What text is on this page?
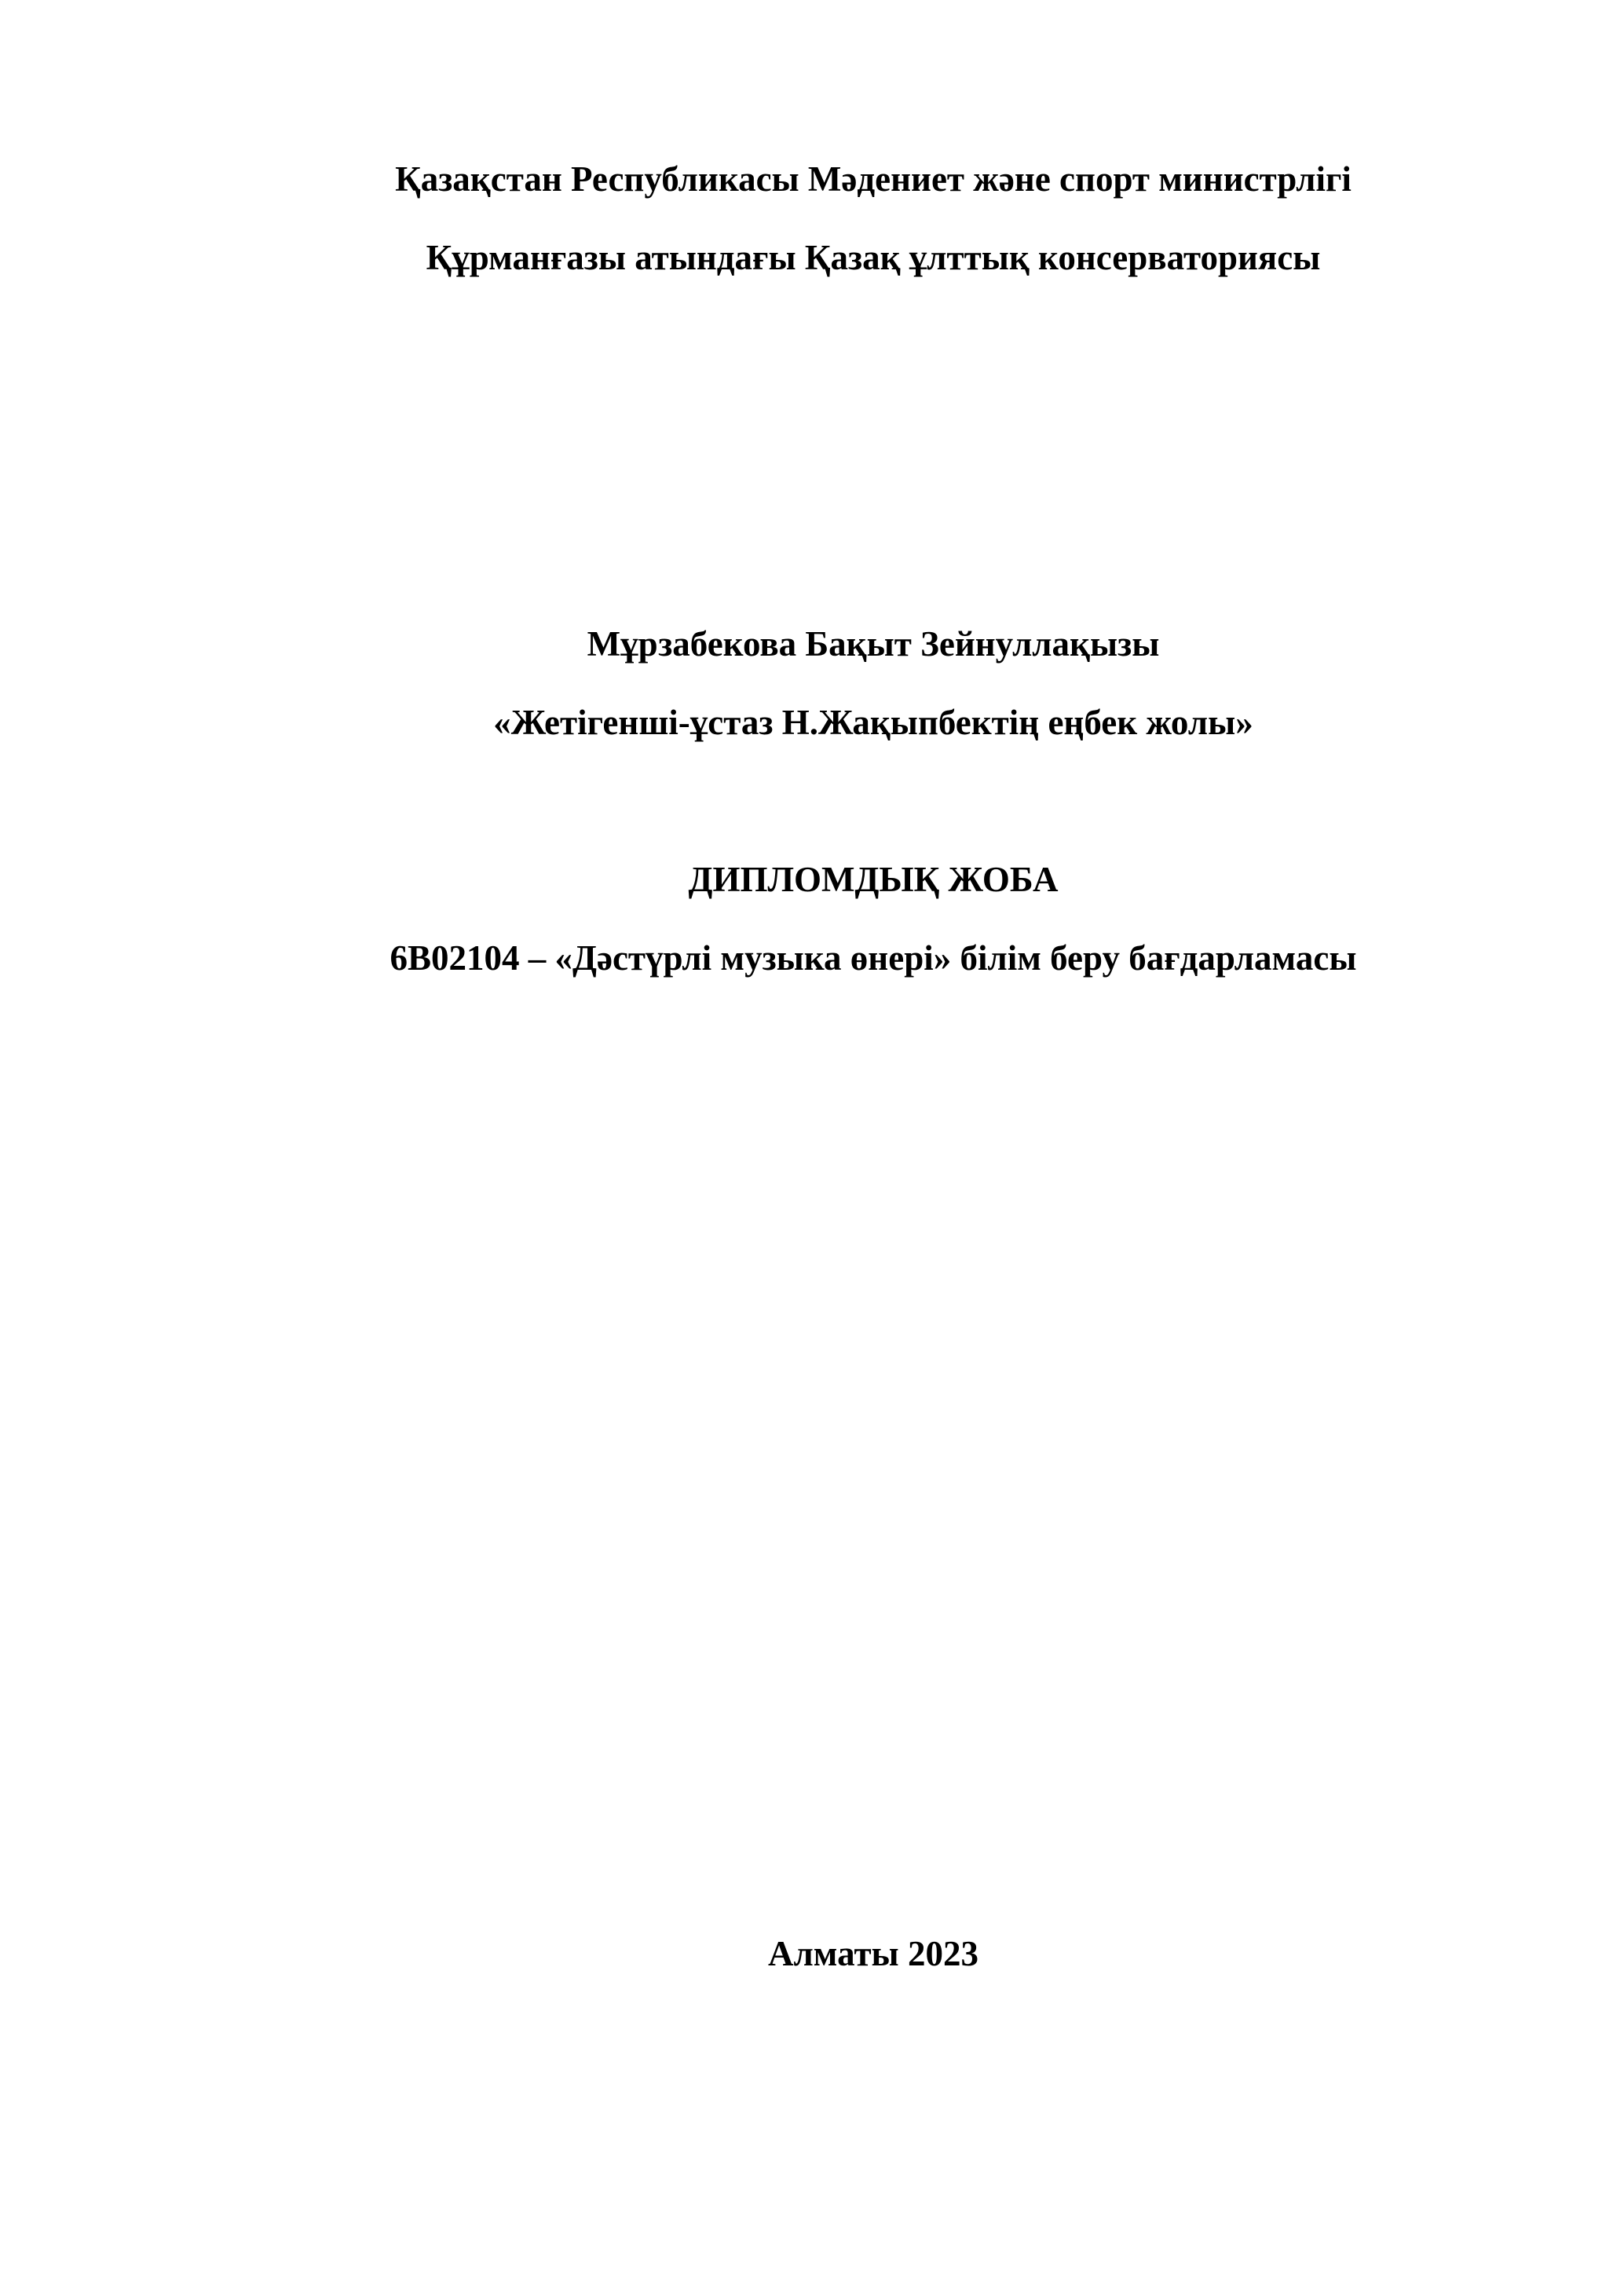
Қазақстан Республикасы Мәдениет және спорт министрлігі
Құрманғазы атындағы Қазақ ұлттық консерваториясы
Мұрзабекова Бақыт Зейнуллақызы
«Жетігенші-ұстаз Н.Жақыпбектің еңбек жолы»
ДИПЛОМДЫҚ ЖОБА
6В02104 – «Дәстүрлі музыка өнері» білім беру бағдарламасы
Алматы 2023
